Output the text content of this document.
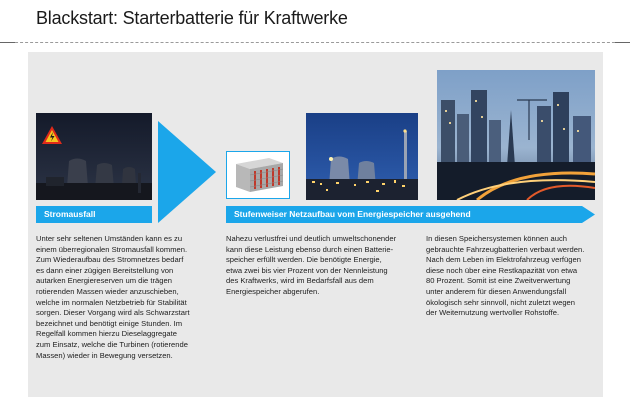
Blackstart: Starterbatterie für Kraftwerke
Stromausfall	Stufenweiser Netzaufbau vom Energiespeicher ausgehend
Unter sehr seltenen Umständen kann es zu
einem überregionalen Stromausfall kommen.
Zum Wiederaufbau des Stromnetzes bedarf
es dann einer zügigen Bereitstellung von
autarken Energiereserven um die trägen
rotierenden Massen wieder anzuschieben,
welche im normalen Netzbetrieb für Stabilität
sorgen. Dieser Vorgang wird als Schwarzstart
bezeichnet und benötigt einige Stunden. Im
Regelfall kommen hierzu Dieselaggregate
zum Einsatz, welche die Turbinen (rotierende
Massen) wieder in Bewegung versetzen.
Nahezu verlustfrei und deutlich umweltschonender
kann diese Leistung ebenso durch einen Batterie-
speicher erfüllt werden. Die benötigte Energie,
etwa zwei bis vier Prozent von der Nennleistung
des Kraftwerks, wird im Bedarfsfall aus dem
Energiespeicher abgerufen.
In diesen Speichersystemen können auch
gebrauchte Fahrzeugbatterien verbaut werden.
Nach dem Leben im Elektrofahrzeug verfügen
diese noch über eine Restkapazität von etwa
80 Prozent. Somit ist eine Zweitverwertung
unter anderem für diesen Anwendungsfall
ökologisch sehr sinnvoll, nicht zuletzt wegen
der Weiternutzung wertvoller Rohstoffe.
